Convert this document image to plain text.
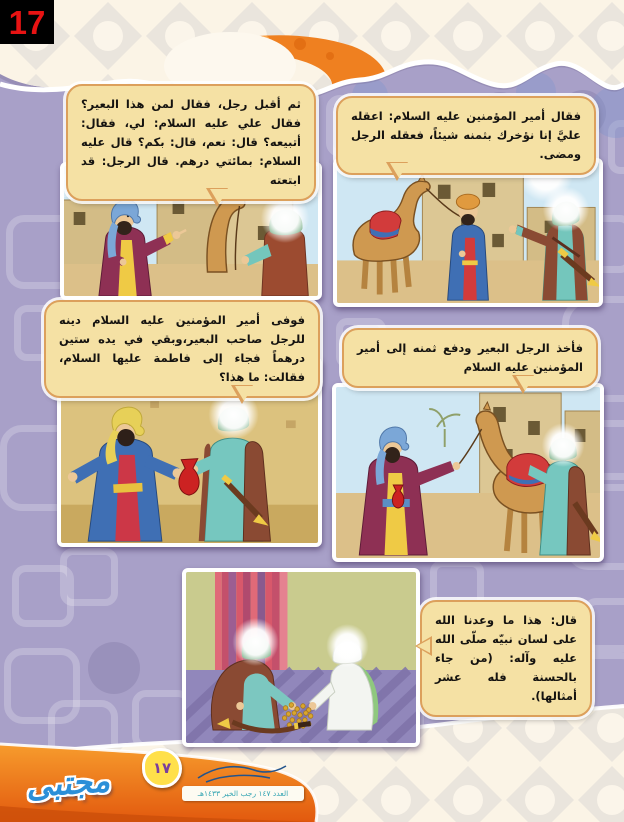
17
ثم أقبل رجل، فقال لمن هذا البعير؟ فقال علي عليه السلام: لي، فقال: أتبيعه؟ قال: نعم، قال: بكم؟ قال عليه السلام: بمائتي درهم. قال الرجل: قد ابتعته
فقال أمير المؤمنين عليه السلام: اعقله عليَّ إنا نؤخرك بثمنه شيئاً، فعقله الرجل ومضى.
فوفى أمير المؤمنين عليه السلام دينه للرجل صاحب البعير،وبقي في يده ستين درهماً فجاء إلى فاطمة عليها السلام، فقالت: ما هذا؟
فأخذ الرجل البعير ودفع ثمنه إلى أمير المؤمنين عليه السلام
قال: هذا ما وعدنا الله على لسان نبيّه صلّى الله عليه وآله: (من جاء بالحسنة فله عشر أمثالها).
مجتبى	١٧
العدد ١٤٧ رجب الخير ١٤٣٣هـ
